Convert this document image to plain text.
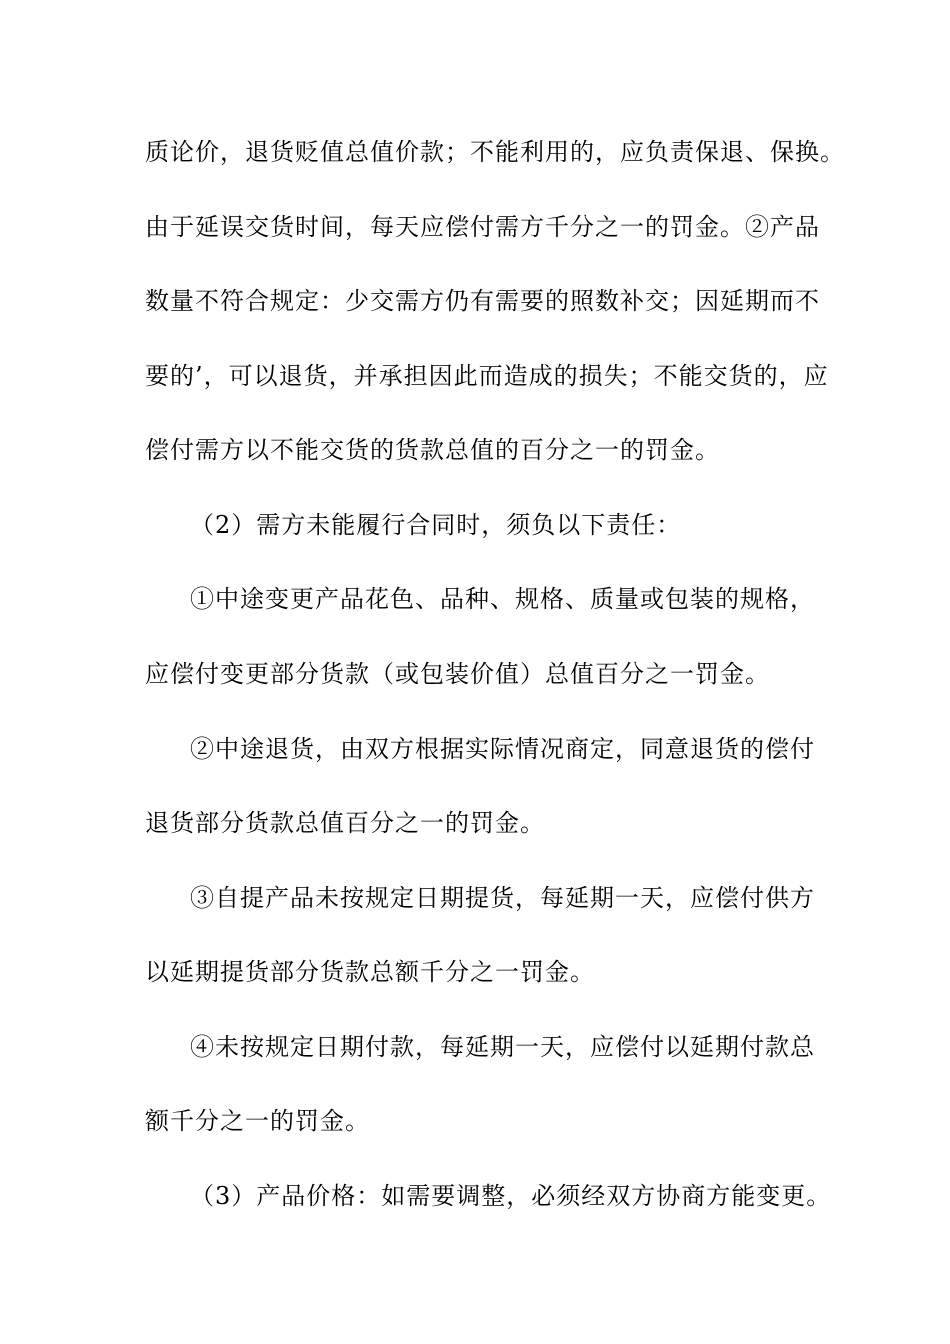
质论价，退货贬值总值价款；不能利用的，应负责保退、保换。
由于延误交货时间，每天应偿付需方千分之一的罚金。②产品
数量不符合规定：少交需方仍有需要的照数补交；因延期而不
要的’，可以退货，并承担因此而造成的损失；不能交货的，应
偿付需方以不能交货的货款总值的百分之一的罚金。
（2）需方未能履行合同时，须负以下责任：
①中途变更产品花色、品种、规格、质量或包装的规格，
应偿付变更部分货款（或包装价值）总值百分之一罚金。
②中途退货，由双方根据实际情况商定，同意退货的偿付
退货部分货款总值百分之一的罚金。
③自提产品未按规定日期提货，每延期一天，应偿付供方
以延期提货部分货款总额千分之一罚金。
④未按规定日期付款，每延期一天，应偿付以延期付款总
额千分之一的罚金。
（3）产品价格：如需要调整，必须经双方协商方能变更。
